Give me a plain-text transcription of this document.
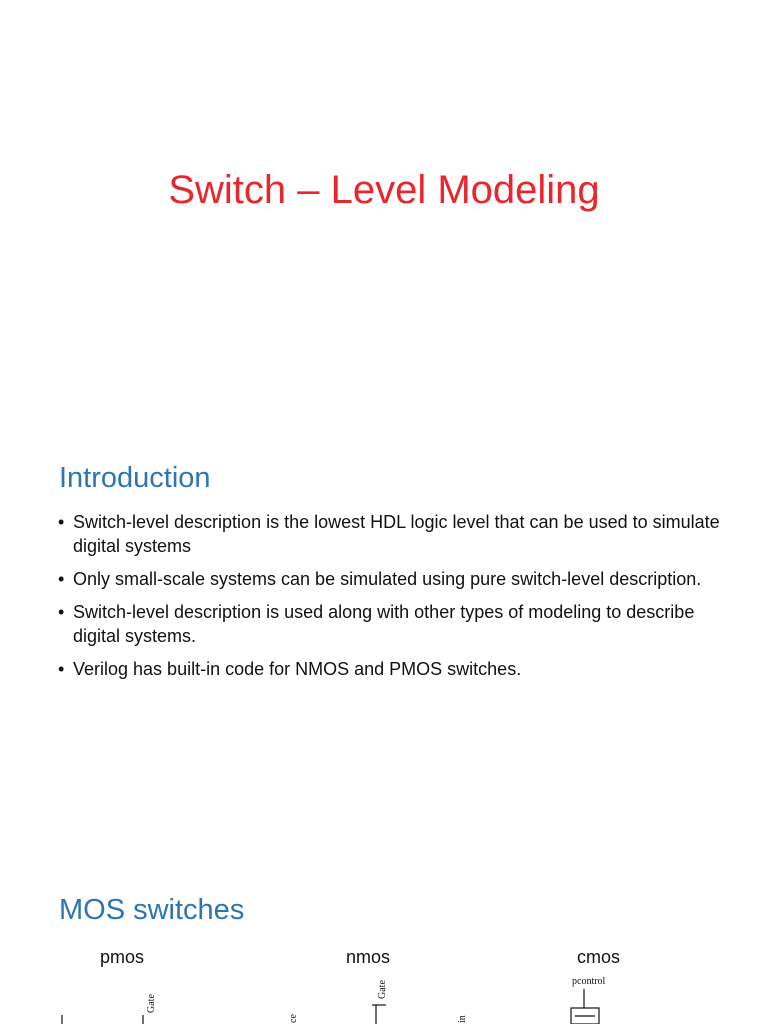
Switch – Level Modeling
Introduction
• Switch-level description is the lowest HDL logic level that can be used to simulate digital systems
• Only small-scale systems can be simulated using pure switch-level description.
• Switch-level description is used along with other types of modeling to describe digital systems.
• Verilog has built-in code for NMOS and PMOS switches.
MOS switches
pmos	nmos	cmos
Gate
ce
Gate
in
pcontrol
